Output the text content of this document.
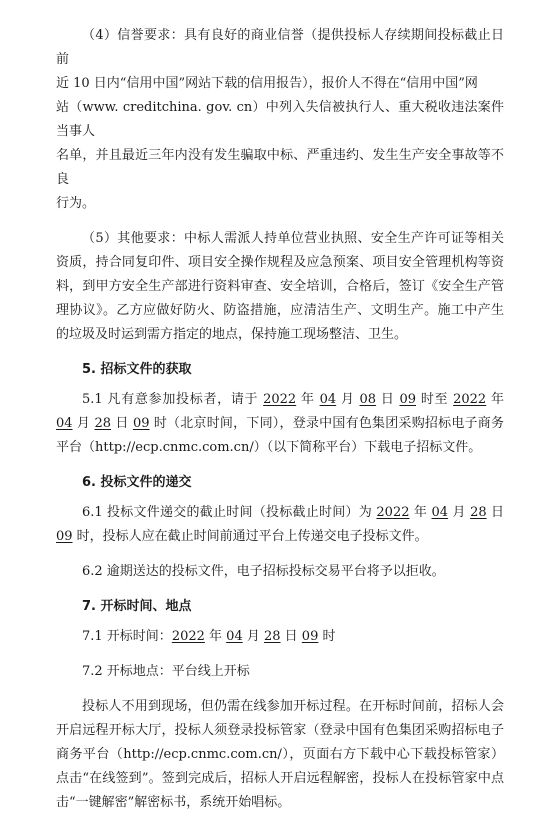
（4）信誉要求：具有良好的商业信誉（提供投标人存续期间投标截止日前

近 10 日内“信用中国”网站下载的信用报告），报价人不得在“信用中国”网

站（www. creditchina. gov. cn）中列入失信被执行人、重大税收违法案件当事人

名单，并且最近三年内没有发生骗取中标、严重违约、发生生产安全事故等不良

行为。

（5）其他要求：中标人需派人持单位营业执照、安全生产许可证等相关资质，持合同复印件、项目安全操作规程及应急预案、项目安全管理机构等资料，到甲方安全生产部进行资料审查、安全培训，合格后，签订《安全生产管理协议》。乙方应做好防火、防盗措施，应清洁生产、文明生产。施工中产生的垃圾及时运到需方指定的地点，保持施工现场整洁、卫生。

5. 招标文件的获取

5.1 凡有意参加投标者，请于 2022 年 04 月 08 日 09 时至 2022 年 04 月 28 日 09 时（北京时间，下同），登录中国有色集团采购招标电子商务平台（http://ecp.cnmc.com.cn/）（以下简称平台）下载电子招标文件。

6. 投标文件的递交

6.1 投标文件递交的截止时间（投标截止时间）为 2022 年 04 月 28 日 09 时，投标人应在截止时间前通过平台上传递交电子投标文件。

6.2 逾期送达的投标文件，电子招标投标交易平台将予以拒收。

7. 开标时间、地点

7.1 开标时间：2022 年 04 月 28 日 09 时

7.2 开标地点：平台线上开标

投标人不用到现场，但仍需在线参加开标过程。在开标时间前，招标人会开启远程开标大厅，投标人须登录投标管家（登录中国有色集团采购招标电子商务平台（http://ecp.cnmc.com.cn/），页面右方下载中心下载投标管家）点击“在线签到”。签到完成后，招标人开启远程解密，投标人在投标管家中点击“一键解密”解密标书，系统开始唱标。
